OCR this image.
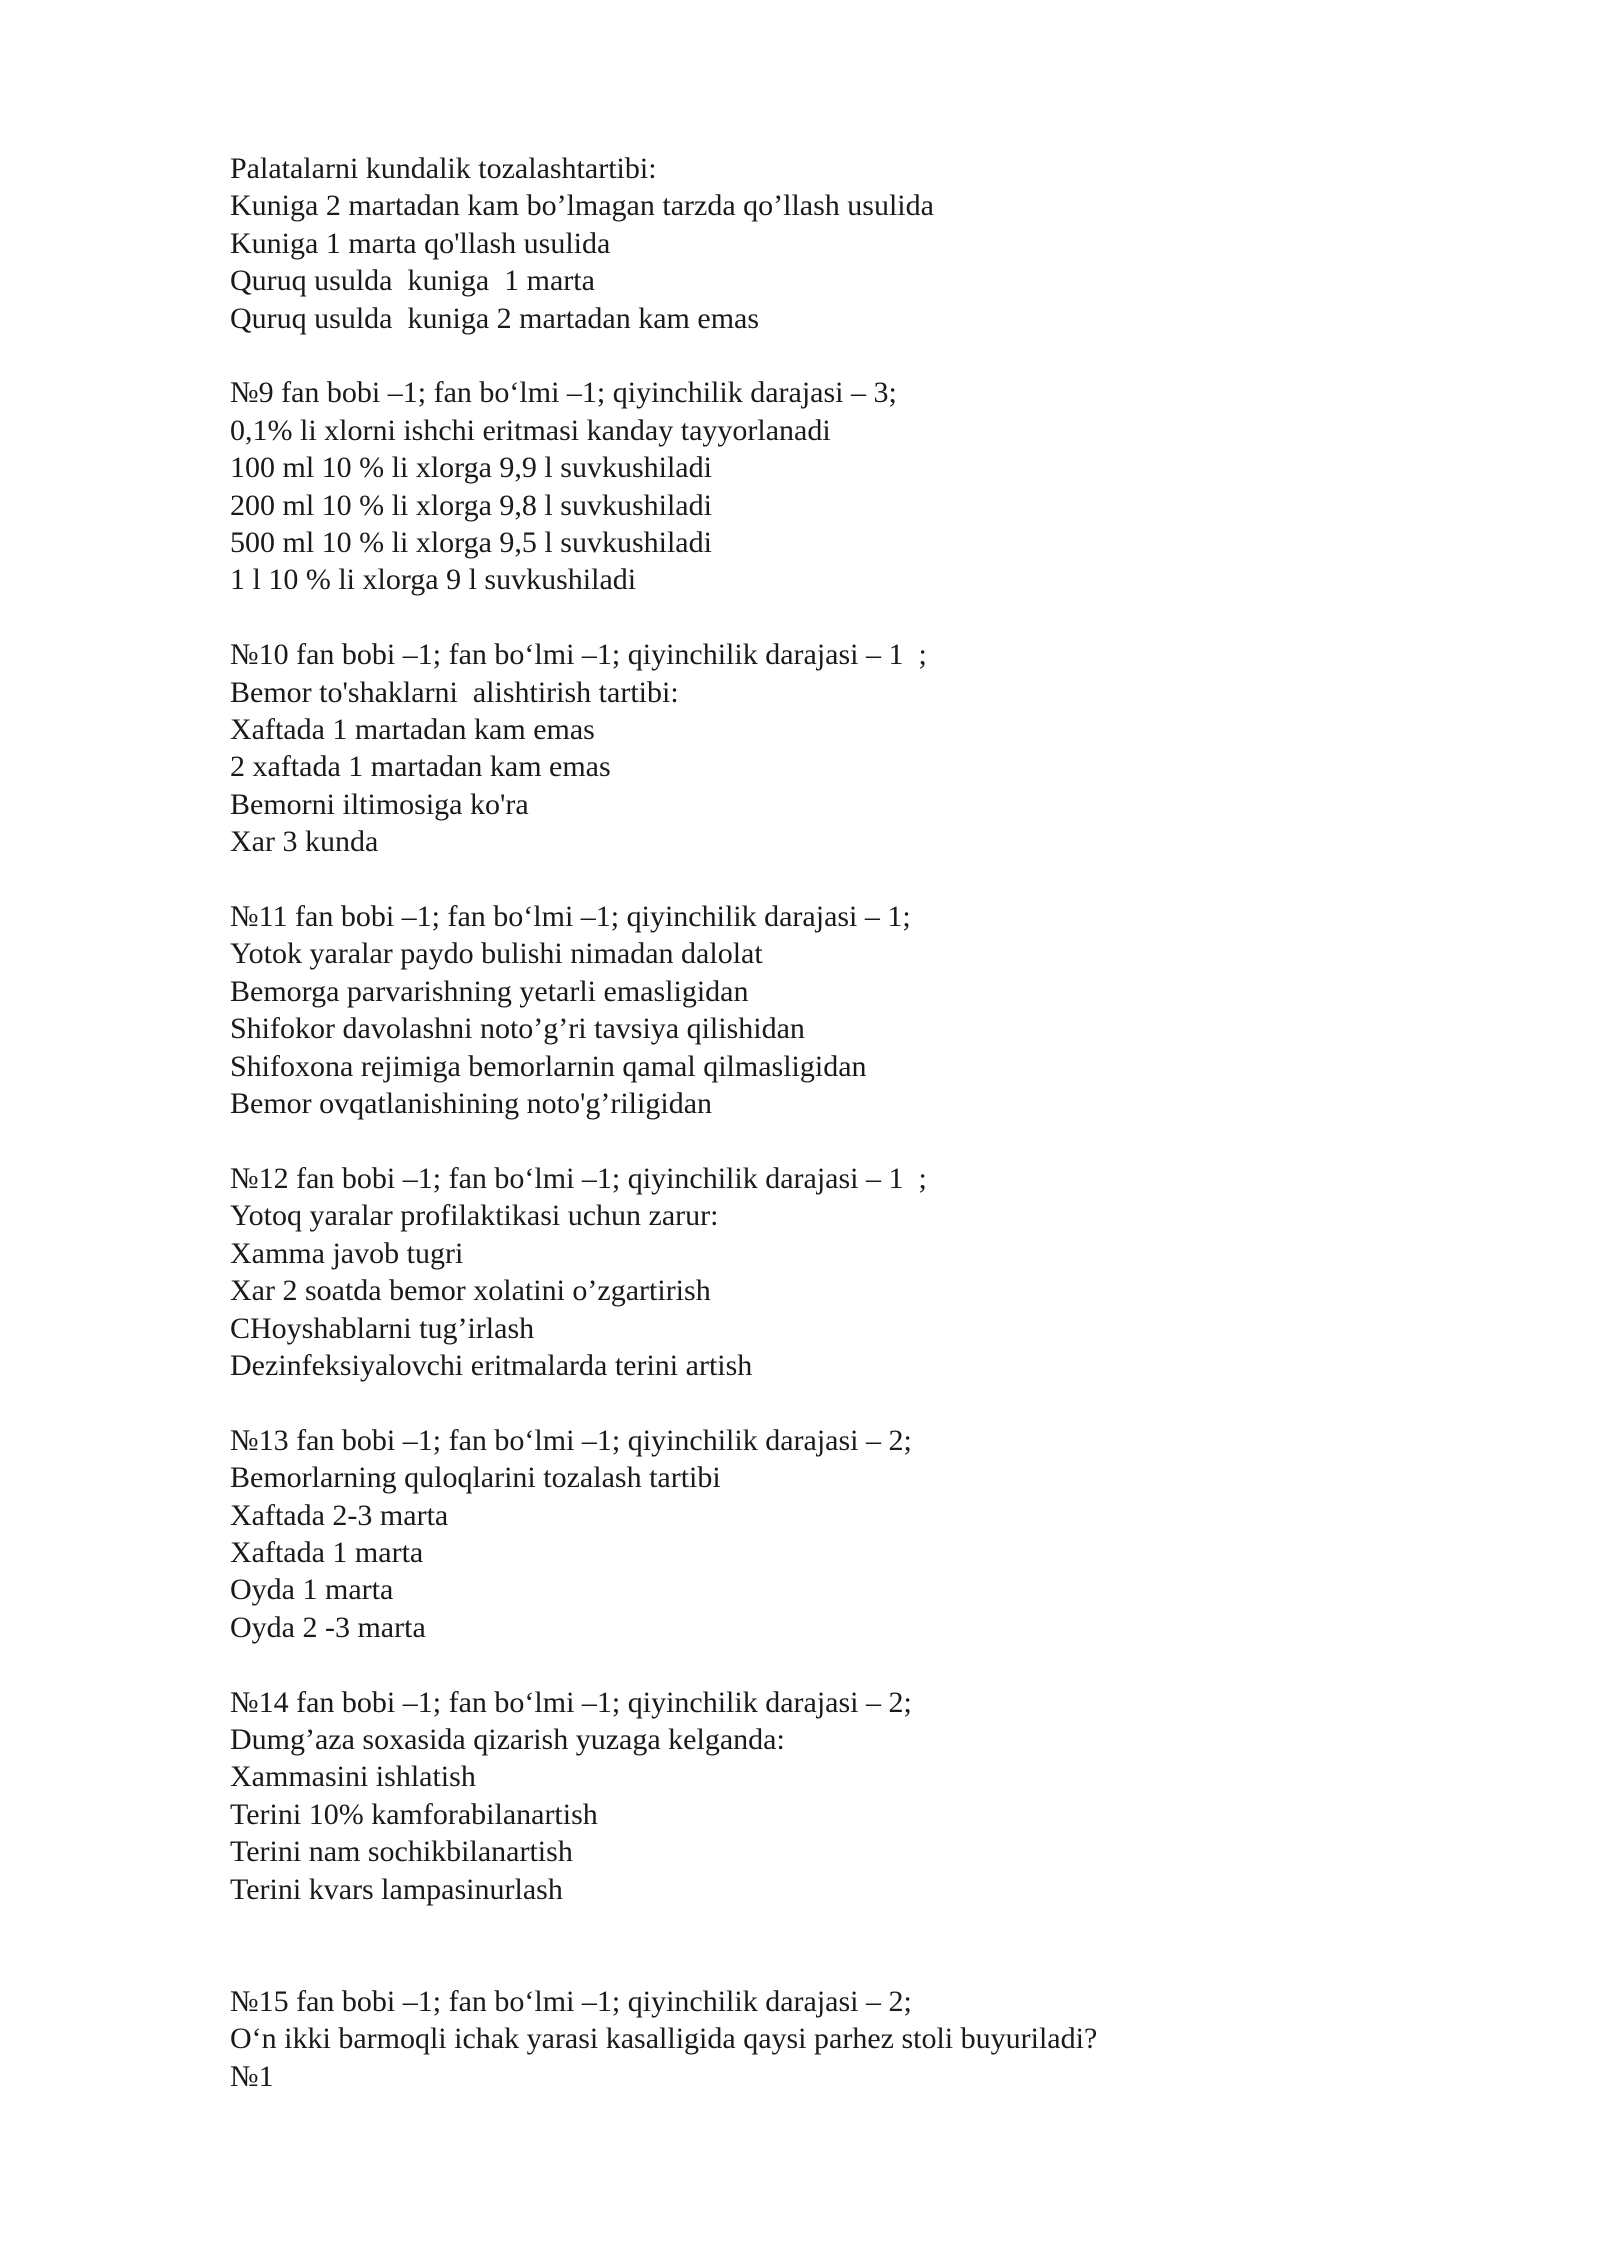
Palatalarni kundalik tozalashtartibi:
Kuniga 2 martadan kam bo’lmagan tarzda qo’llash usulida
Kuniga 1 marta qo'llash usulida
Quruq usulda  kuniga  1 marta
Quruq usulda  kuniga 2 martadan kam emas
№9 fan bobi –1; fan bo‘lmi –1; qiyinchilik darajasi – 3;
0,1% li xlorni ishchi eritmasi kanday tayyorlanadi
100 ml 10 % li xlorga 9,9 l suvkushiladi
200 ml 10 % li xlorga 9,8 l suvkushiladi
500 ml 10 % li xlorga 9,5 l suvkushiladi
1 l 10 % li xlorga 9 l suvkushiladi
№10 fan bobi –1; fan bo‘lmi –1; qiyinchilik darajasi – 1  ;
Bemor to'shaklarni  alishtirish tartibi:
Xaftada 1 martadan kam emas
2 xaftada 1 martadan kam emas
Bemorni iltimosiga ko'ra
Xar 3 kunda
№11 fan bobi –1; fan bo‘lmi –1; qiyinchilik darajasi – 1;
Yotok yaralar paydo bulishi nimadan dalolat
Bemorga parvarishning yetarli emasligidan
Shifokor davolashni noto’g’ri tavsiya qilishidan
Shifoxona rejimiga bemorlarnin qamal qilmasligidan
Bemor ovqatlanishining noto'g’riligidan
№12 fan bobi –1; fan bo‘lmi –1; qiyinchilik darajasi – 1  ;
Yotoq yaralar profilaktikasi uchun zarur:
Xamma javob tugri
Xar 2 soatda bemor xolatini o’zgartirish
CHoyshablarni tug’irlash
Dezinfeksiyalovchi eritmalarda terini artish
№13 fan bobi –1; fan bo‘lmi –1; qiyinchilik darajasi – 2;
Bemorlarning quloqlarini tozalash tartibi
Xaftada 2-3 marta
Xaftada 1 marta
Oyda 1 marta
Oyda 2 -3 marta
№14 fan bobi –1; fan bo‘lmi –1; qiyinchilik darajasi – 2;
Dumg’aza soxasida qizarish yuzaga kelganda:
Xammasini ishlatish
Terini 10% kamforabilanartish
Terini nam sochikbilanartish
Terini kvars lampasinurlash
№15 fan bobi –1; fan bo‘lmi –1; qiyinchilik darajasi – 2;
O‘n ikki barmoqli ichak yarasi kasalligida qaysi parhez stoli buyuriladi?
№1
